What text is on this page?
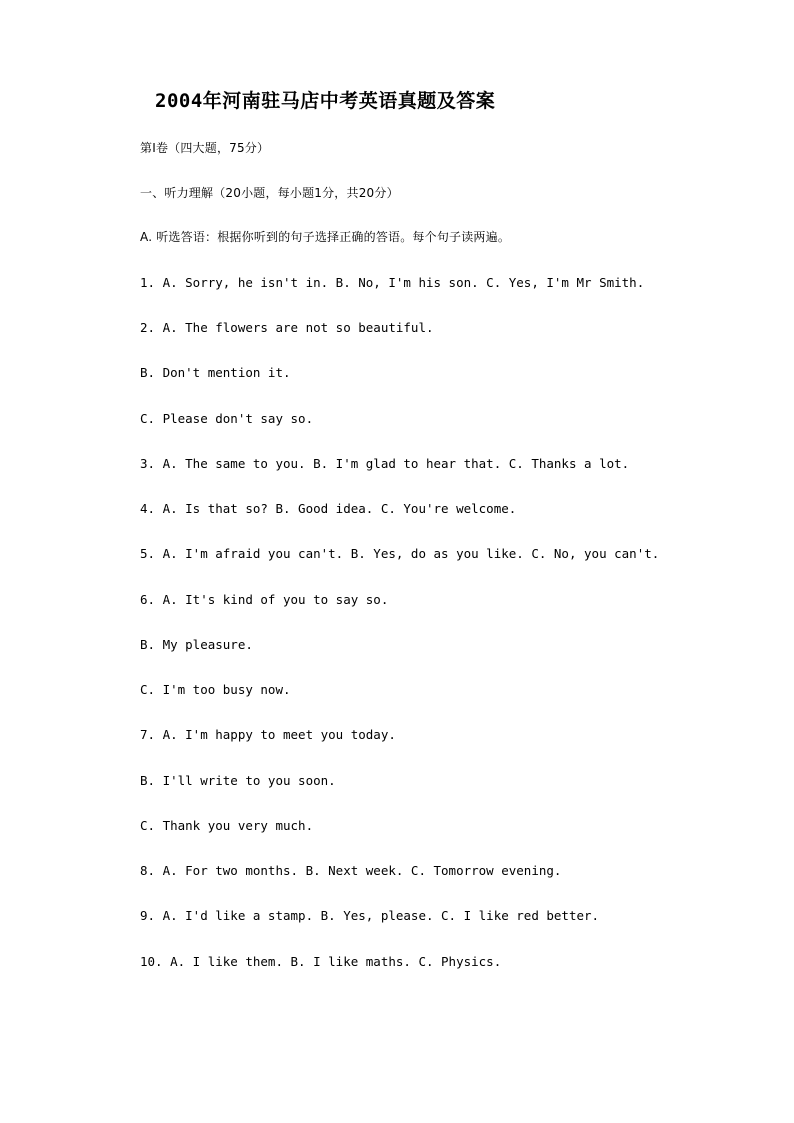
2004年河南驻马店中考英语真题及答案

第I卷（四大题，75分）

一、听力理解（20小题，每小题1分，共20分）

A. 听选答语：根据你听到的句子选择正确的答语。每个句子读两遍。

1. A. Sorry, he isn't in. B. No, I'm his son. C. Yes, I'm Mr Smith.

2. A. The flowers are not so beautiful.

B. Don't mention it.

C. Please don't say so.

3. A. The same to you. B. I'm glad to hear that. C. Thanks a lot.

4. A. Is that so? B. Good idea. C. You're welcome.

5. A. I'm afraid you can't. B. Yes, do as you like. C. No, you can't.

6. A. It's kind of you to say so.

B. My pleasure.

C. I'm too busy now.

7. A. I'm happy to meet you today.

B. I'll write to you soon.

C. Thank you very much.

8. A. For two months. B. Next week. C. Tomorrow evening.

9. A. I'd like a stamp. B. Yes, please. C. I like red better.

10. A. I like them. B. I like maths. C. Physics.
